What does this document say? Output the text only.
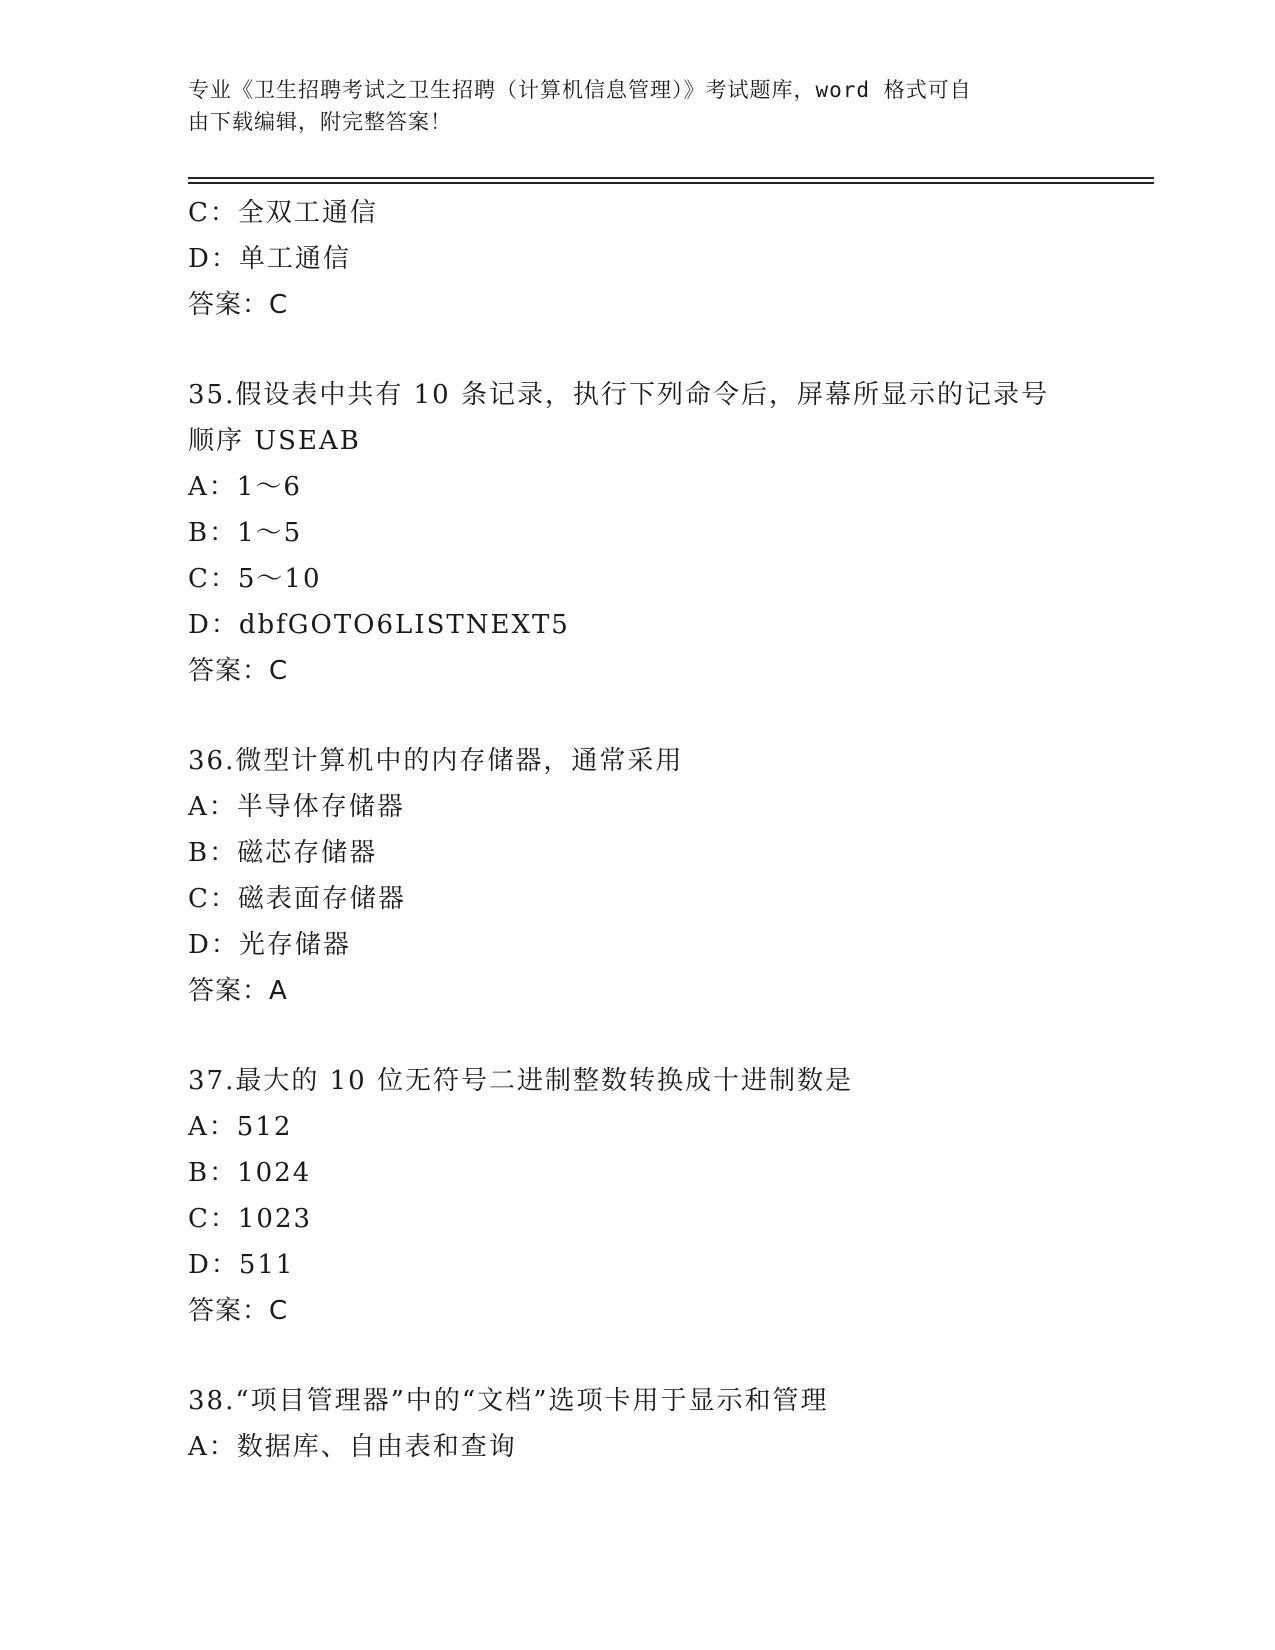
专业《卫生招聘考试之卫生招聘（计算机信息管理）》考试题库，word 格式可自
由下载编辑，附完整答案！
C：全双工通信
D：单工通信
答案：C
35.假设表中共有 10 条记录，执行下列命令后，屏幕所显示的记录号
顺序 USEAB
A：1～6
B：1～5
C：5～10
D：dbfGOTO6LISTNEXT5
答案：C
36.微型计算机中的内存储器，通常采用
A：半导体存储器
B：磁芯存储器
C：磁表面存储器
D：光存储器
答案：A
37.最大的 10 位无符号二进制整数转换成十进制数是
A：512
B：1024
C：1023
D：511
答案：C
38.“项目管理器”中的“文档”选项卡用于显示和管理
A：数据库、自由表和查询
